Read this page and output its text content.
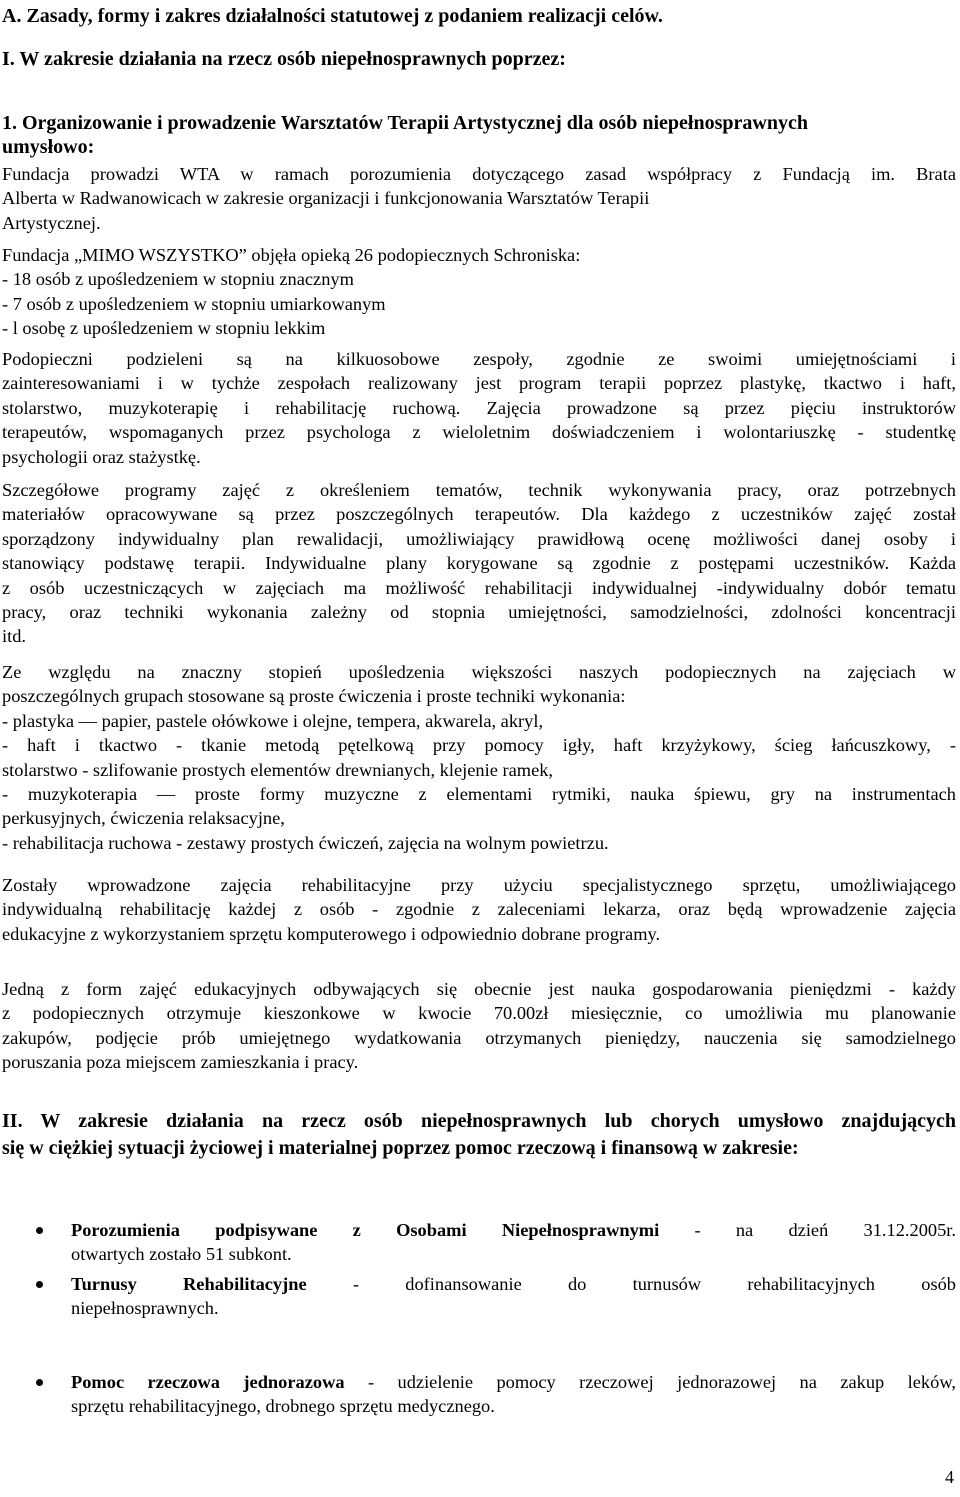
A. Zasady, formy i zakres działalności statutowej z podaniem realizacji celów.
I. W zakresie działania na rzecz osób niepełnosprawnych poprzez:
1. Organizowanie i prowadzenie Warsztatów Terapii Artystycznej dla osób niepełnosprawnych
umysłowo:
Fundacja prowadzi WTA w ramach porozumienia dotyczącego zasad współpracy z Fundacją im. Brata
Alberta w Radwanowicach w zakresie organizacji i funkcjonowania Warsztatów Terapii
Artystycznej.
Fundacja „MIMO WSZYSTKO” objęła opieką 26 podopiecznych Schroniska:
- 18 osób z upośledzeniem w stopniu znacznym
- 7 osób z upośledzeniem w stopniu umiarkowanym
- l osobę z upośledzeniem w stopniu lekkim
Podopieczni podzieleni są na kilkuosobowe zespoły, zgodnie ze swoimi umiejętnościami i
zainteresowaniami i w tychże zespołach realizowany jest program terapii poprzez plastykę, tkactwo i haft,
stolarstwo, muzykoterapię i rehabilitację ruchową. Zajęcia prowadzone są przez pięciu instruktorów
terapeutów, wspomaganych przez psychologa z wieloletnim doświadczeniem i wolontariuszkę - studentkę
psychologii oraz stażystkę.
Szczegółowe programy zajęć z określeniem tematów, technik wykonywania pracy, oraz potrzebnych
materiałów opracowywane są przez poszczególnych terapeutów. Dla każdego z uczestników zajęć został
sporządzony indywidualny plan rewalidacji, umożliwiający prawidłową ocenę możliwości danej osoby i
stanowiący podstawę terapii. Indywidualne plany korygowane są zgodnie z postępami uczestników. Każda
z osób uczestniczących w zajęciach ma możliwość rehabilitacji indywidualnej -indywidualny dobór tematu
pracy, oraz techniki wykonania zależny od stopnia umiejętności, samodzielności, zdolności koncentracji
itd.
Ze względu na znaczny stopień upośledzenia większości naszych podopiecznych na zajęciach w
poszczególnych grupach stosowane są proste ćwiczenia i proste techniki wykonania:
- plastyka — papier, pastele ołówkowe i olejne, tempera, akwarela, akryl,
- haft i tkactwo - tkanie metodą pętelkową przy pomocy igły, haft krzyżykowy, ścieg łańcuszkowy, -
stolarstwo - szlifowanie prostych elementów drewnianych, klejenie ramek,
- muzykoterapia — proste formy muzyczne z elementami rytmiki, nauka śpiewu, gry na instrumentach
perkusyjnych, ćwiczenia relaksacyjne,
- rehabilitacja ruchowa - zestawy prostych ćwiczeń, zajęcia na wolnym powietrzu.
Zostały wprowadzone zajęcia rehabilitacyjne przy użyciu specjalistycznego sprzętu, umożliwiającego
indywidualną rehabilitację każdej z osób - zgodnie z zaleceniami lekarza, oraz będą wprowadzenie zajęcia
edukacyjne z wykorzystaniem sprzętu komputerowego i odpowiednio dobrane programy.
Jedną z form zajęć edukacyjnych odbywających się obecnie jest nauka gospodarowania pieniędzmi - każdy
z podopiecznych otrzymuje kieszonkowe w kwocie 70.00zł miesięcznie, co umożliwia mu planowanie
zakupów, podjęcie prób umiejętnego wydatkowania otrzymanych pieniędzy, nauczenia się samodzielnego
poruszania poza miejscem zamieszkania i pracy.
II. W zakresie działania na rzecz osób niepełnosprawnych lub chorych umysłowo znajdujących
się w ciężkiej sytuacji życiowej i materialnej poprzez pomoc rzeczową i finansową w zakresie:
Porozumienia podpisywane z Osobami Niepełnosprawnymi - na dzień 31.12.2005r.
otwartych zostało 51 subkont.
Turnusy Rehabilitacyjne - dofinansowanie do turnusów rehabilitacyjnych osób
niepełnosprawnych.
Pomoc rzeczowa jednorazowa - udzielenie pomocy rzeczowej jednorazowej na zakup leków,
sprzętu rehabilitacyjnego, drobnego sprzętu medycznego.
4
